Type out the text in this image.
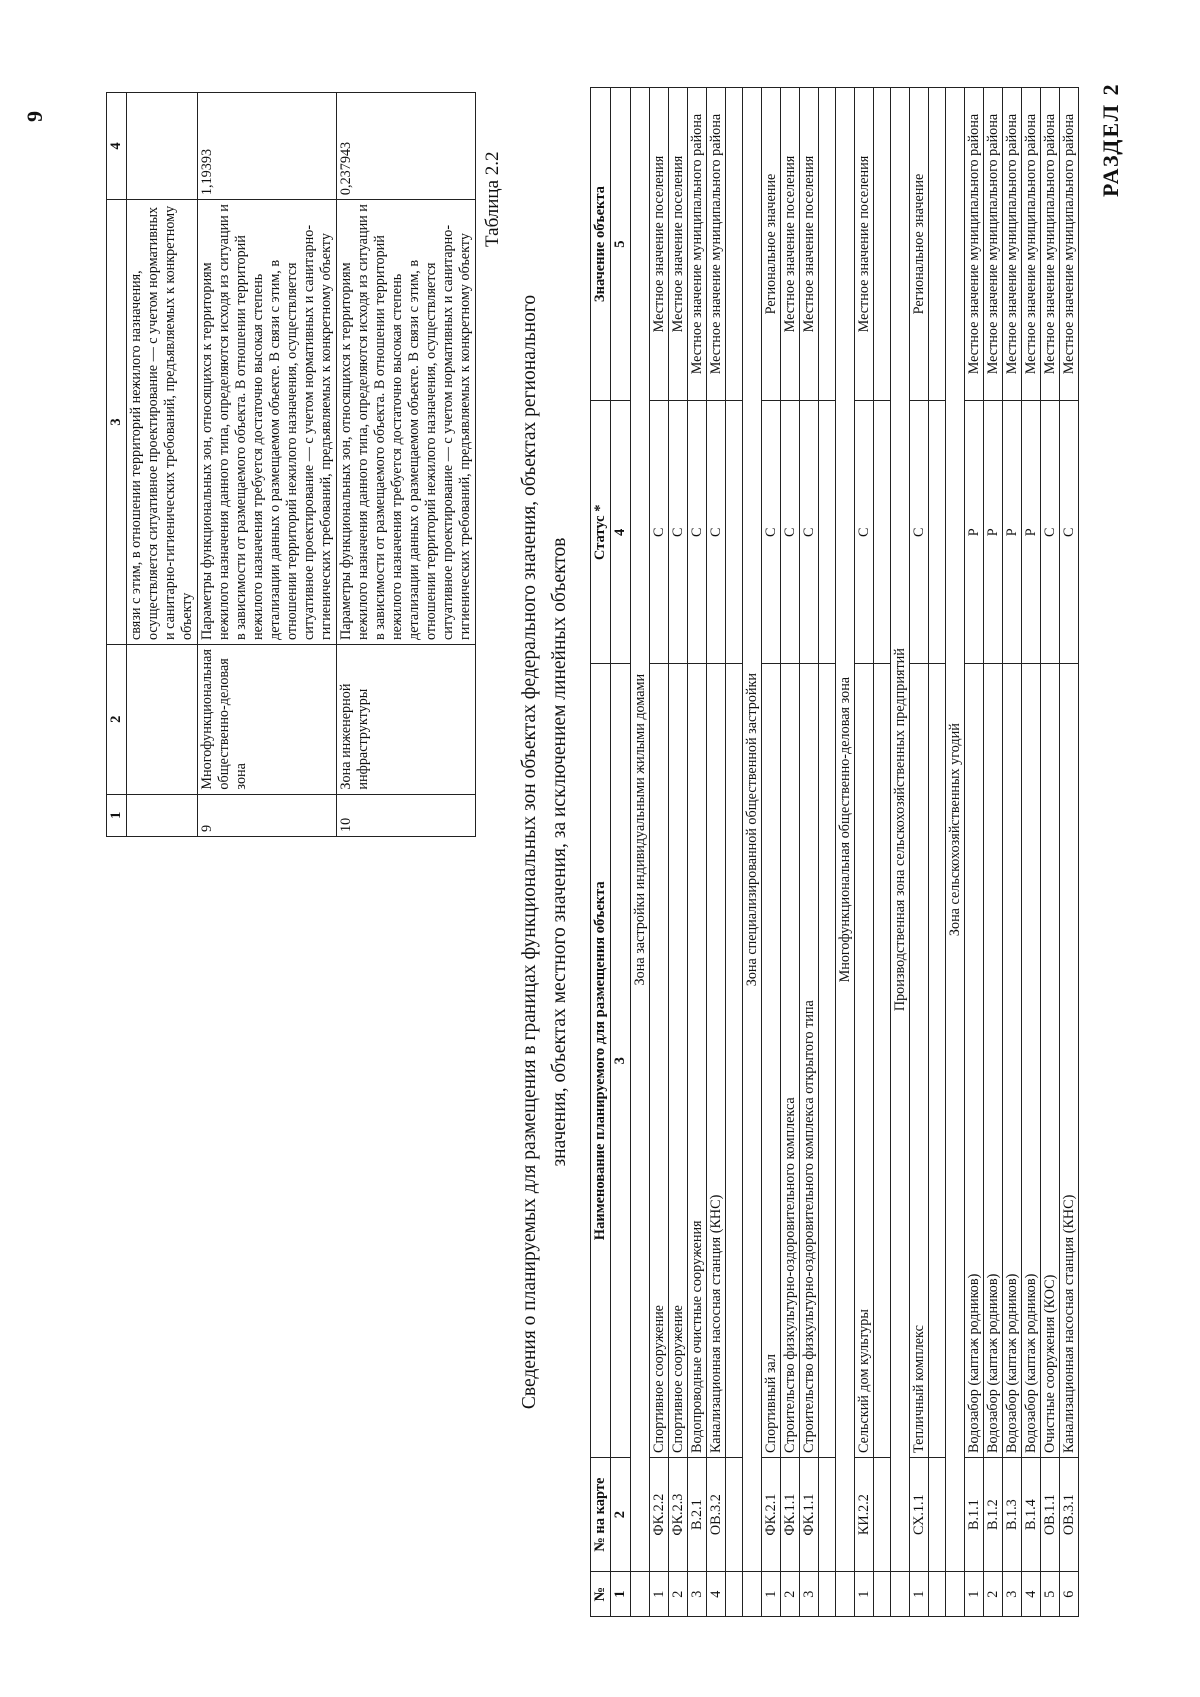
9
1	2	3	4
		связи с этим, в отношении территорий нежилого назначения, осуществляется ситуативное проектирование — с учетом нормативных и санитарно-гигиенических требований, предъявляемых к конкретному объекту	
9	Многофункциональная общественно-деловая зона	Параметры функциональных зон, относящихся к территориям нежилого назначения данного типа, определяются исходя из ситуации и в зависимости от размещаемого объекта. В отношении территорий нежилого назначения требуется достаточно высокая степень детализации данных о размещаемом объекте. В связи с этим, в отношении территорий нежилого назначения, осуществляется ситуативное проектирование — с учетом нормативных и санитарно-гигиенических требований, предъявляемых к конкретному объекту	1,19393
10	Зона инженерной инфраструктуры	Параметры функциональных зон, относящихся к территориям нежилого назначения данного типа, определяются исходя из ситуации и в зависимости от размещаемого объекта. В отношении территорий нежилого назначения требуется достаточно высокая степень детализации данных о размещаемом объекте. В связи с этим, в отношении территорий нежилого назначения, осуществляется ситуативное проектирование — с учетом нормативных и санитарно-гигиенических требований, предъявляемых к конкретному объекту	0,237943	Таблица 2.2
Сведения о планируемых для размещения в границах функциональных зон объектах федерального значения, объектах регионального значения, объектах местного значения, за исключением линейных объектов
№	№ на карте	Наименование планируемого для размещения объекта	Статус *	Значение объекта
1	2	3	4	5
	Зона застройки индивидуальными жилыми домами			
1	ФК.2.2	Спортивное сооружение	С	Местное значение поселения
2	ФК.2.3	Спортивное сооружение	С	Местное значение поселения
3	В.2.1	Водопроводные очистные сооружения	С	Местное значение муниципального района
4	ОВ.3.2	Канализационная насосная станция (КНС)	С	Местное значение муниципального района

	Зона специализированной общественной застройки			
1	ФК.2.1	Спортивный зал	С	Региональное значение
2	ФК.1.1	Строительство физкультурно-оздоровительного комплекса	С	Местное значение поселения
3	ФК.1.1	Строительство физкультурно-оздоровительного комплекса открытого типа	С	Местное значение поселения

	Многофункциональная общественно-деловая зона			
1	КИ.2.2	Сельский дом культуры	С	Местное значение поселения

	Производственная зона сельскохозяйственных предприятий			
1	СХ.1.1	Тепличный комплекс	С	Региональное значение

	Зона сельскохозяйственных угодий			
1	В.1.1	Водозабор (каптаж родников)	Р	Местное значение муниципального района
2	В.1.2	Водозабор (каптаж родников)	Р	Местное значение муниципального района
3	В.1.3	Водозабор (каптаж родников)	Р	Местное значение муниципального района
4	В.1.4	Водозабор (каптаж родников)	Р	Местное значение муниципального района
5	ОВ.1.1	Очистные сооружения (КОС)	С	Местное значение муниципального района
6	ОВ.3.1	Канализационная насосная станция (КНС)	С	Местное значение муниципального района РАЗДЕЛ 2
